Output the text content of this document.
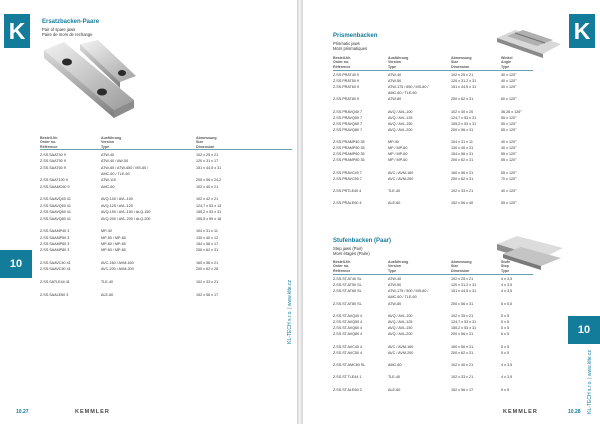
K
10
Ersatzbacken-Paare
Pair of spare jaws
Paire de mors de rechange
Bestell-Nr.
Order no.
Référence
Ausführung
Version
Type
Abmessung
Size
Dimension
Z.SS.SAAT40 9	ATW-40	102 x 25 x 21
Z.SS.SAAT50 9	ATW-40 / AW-50	120 x 31 x 17
Z.SS.SAAT60 9	ATW-65 / ATW-650 / MS-60 /	151 x 44,5 x 31
AMC-60 / TLE-60
Z.SS.SAAT100 9	ATW-110	200 x 56 x 24,2
Z.SS.SAAMC60 9	AMC-60	102 x 40 x 21
Z.SS.SAAVQ40 41	AVQ-100 / AVL-100	102 x 42 x 21
Z.SS.SAAVQ50 41	AVQ-125 / AVL-125	124,7 x 53 x 13
Z.SS.SAAVQ60 41	AVQ-150 / AVL-150 / ALQ-150	155,2 x 53 x 31
Z.SS.SAAVQ80 41	AVQ-200 / AVL-200 / ALQ-200	195,5 x 59 x 18
Z.SS.SAAMP40 3	MP-40	104 x 31 x 11
Z.SS.SAAMP50 3	MP-50 / MP-60	130 x 40 x 12
Z.SS.SAAMP60 3	MP-60 / MP-60	154 x 56 x 17
Z.SS.SAAMP80 3	MP-60 / MP-60	200 x 62 x 31
Z.SS.SAAVC40 41	AVC-160 / AVM-160	160 x 56 x 21
Z.SS.SAAVC50 41	AVC-200 / AVM-200	200 x 62 x 28
Z.SS.SATLE44 41	TLE-40	102 x 33 x 21
Z.SS.SAALE60 3	ALE-60	152 x 56 x 17	KL-TECH s.r.o. | www.klte.cz
10.27	KEMMLER
K
10
Prismenbacken
Prismatic jaws
Mors prismatiques
Bestell-Nr.
Order no.
Référence
Ausführung
Version
Type
Abmessung
Size
Dimension
Winkel
Angle
Type
Z.SS.PRAT40 9	ATW-40	102 x 25 x 21	40 x 120°
Z.SS.PRAT50 9	ATW-50	120 x 31,2 x 31	40 x 120°
Z.SS.PRAT60 9	ATW-175 / 650 / MS-60 /	151 x 44,5 x 31	40 x 120°
AMC-60 / TLE-60
Z.SS.PRAT80 9	ATW-80	200 x 62 x 31	60 x 120°
Z.SS.PRAVQ40 7	AVQ / AVL-100	102 x 40 x 20	36,26 x 126°
Z.SS.PRAVQ50 7	AVQ / AVL-125	124,7 x 53 x 31	55 x 120°
Z.SS.PRAVQ60 7	AVQ / AVL-150	155,2 x 53 x 31	55 x 120°
Z.SS.PRAVQ80 7	AVQ / AVL-200	200 x 56 x 31	55 x 120°
Z.SS.PRAMP40 35	MP-40	104 x 31 x 11	40 x 120°
Z.SS.PRAMP50 35	MP / MP-60	130 x 40 x 31	40 x 120°
Z.SS.PRAMP60 35	MP / MP-60	154 x 56 x 31	55 x 120°
Z.SS.PRAMP80 35	MP / MP-60	200 x 62 x 31	55 x 120°
Z.SS.PRAVC40 7	AVC / AVM-160	160 x 56 x 31	55 x 120°
Z.SS.PRAVC50 7	AVC / AVM-200	200 x 62 x 31	70 x 120°
Z.SS.PRTLE40 4	TLE-40	102 x 33 x 21	40 x 120°
Z.SS.PRALE60 4	ALE-60	152 x 56 x 40	55 x 120°
Stufenbacken (Paar)
Step jaws (Pair)
Mors étagés (Paire)
Bestell-Nr.
Order no.
Référence
Ausführung
Version
Type
Abmessung
Size
Dimension
Stufe
Step
Type
Z.SS.ST.AT40 SL	ATW-40	102 x 25 x 21	4 x 3,5
Z.SS.ST.AT50 SL	ATW-50	120 x 31,2 x 31	4 x 3,5
Z.SS.ST.AT60 SL	ATW-175 / 500 / MS-60 /	151 x 44,5 x 31	4 x 3,5
AMC-60 / TLE-60
Z.SS.ST.AT80 SL	ATW-80	200 x 56 x 31	6 x 5,5
Z.SS.ST.AVQ40 4	AVQ / AVL-100	102 x 35 x 21	5 x 5
Z.SS.ST.AVQ50 4	AVQ / AVL-125	124,7 x 53 x 31	5 x 5
Z.SS.ST.AVQ60 4	AVQ / AVL-150	155,2 x 53 x 31	5 x 5
Z.SS.ST.AVQ80 4	AVQ / AVL-200	200 x 56 x 31	6 x 5
Z.SS.ST.AVC40 4	AVC / AVM-160	160 x 56 x 31	5 x 5
Z.SS.ST.AVC50 4	AVC / AVM-200	200 x 62 x 31	5 x 5
Z.SS.ST.AMC60 SL	AMC-60	102 x 40 x 21	4 x 3,5
Z.SS.ST.TLE44 1	TLE-40	102 x 33 x 21	4 x 3,5
Z.SS.ST.ALE60 3	ALE-60	152 x 56 x 17	5 x 5	KL-TECH s.r.o. | www.klte.cz
KEMMLER	10.28
